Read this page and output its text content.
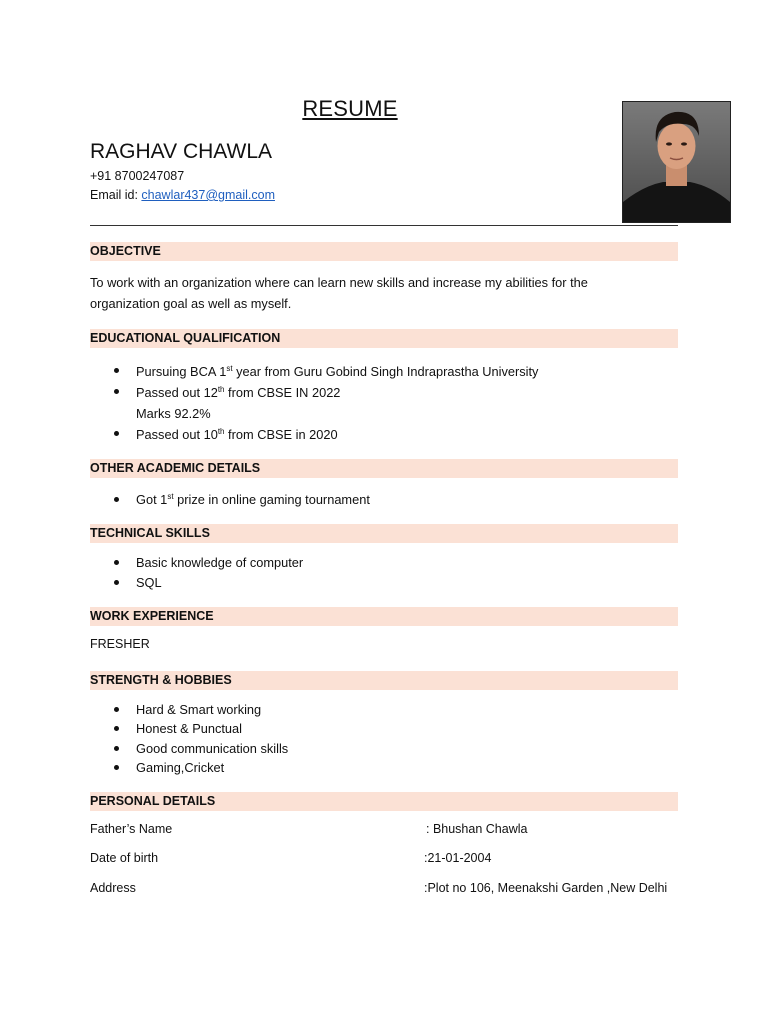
RESUME
RAGHAV CHAWLA
+91 8700247087
Email id: chawlar437@gmail.com
OBJECTIVE
To work with an organization where can learn new skills and increase my abilities for the
organization goal as well as myself.
EDUCATIONAL QUALIFICATION
Pursuing BCA 1st year from Guru Gobind Singh Indraprastha University
Passed out 12th from CBSE IN 2022
Marks 92.2%
Passed out 10th from CBSE in 2020
OTHER ACADEMIC DETAILS
Got 1st prize in online gaming tournament
TECHNICAL SKILLS
Basic knowledge of computer
SQL
WORK EXPERIENCE
FRESHER
STRENGTH & HOBBIES
Hard & Smart working
Honest & Punctual
Good communication skills
Gaming,Cricket
PERSONAL DETAILS
Father’s Name	: Bhushan Chawla
Date of birth	:21-01-2004
Address	:Plot no 106, Meenakshi Garden ,New Delhi
